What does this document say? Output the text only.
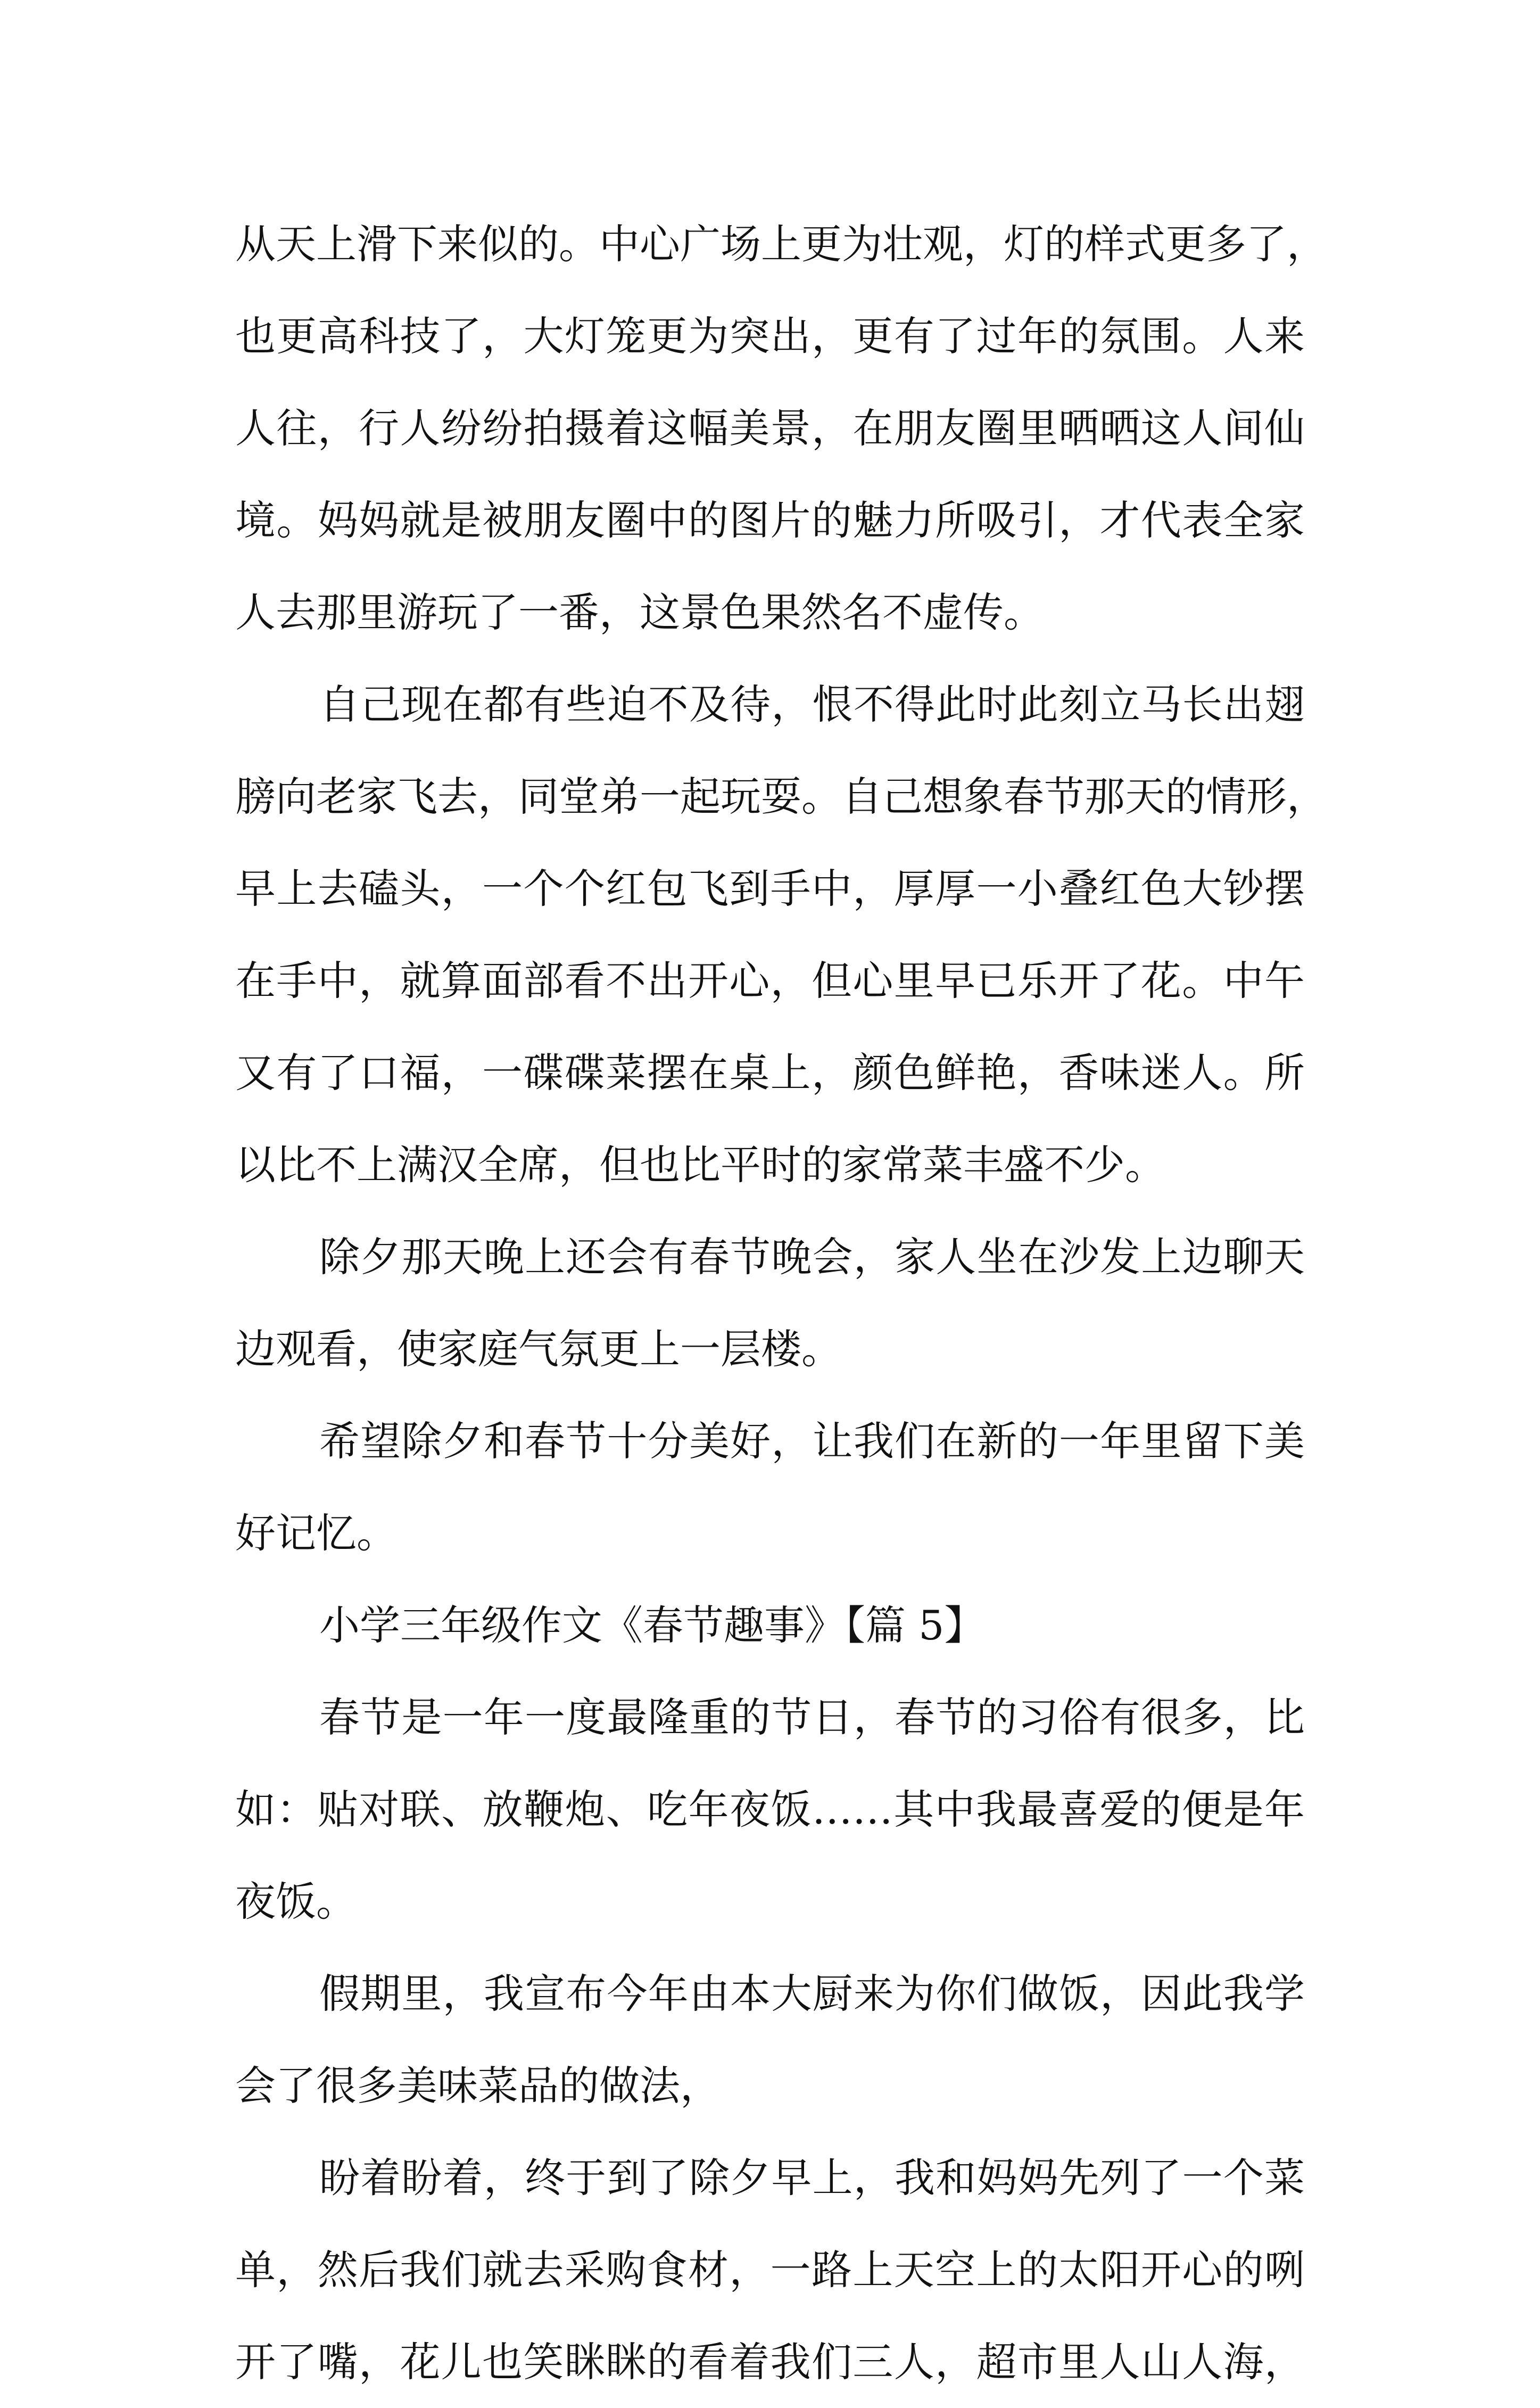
从天上滑下来似的。中心广场上更为壮观，灯的样式更多了，
也更高科技了，大灯笼更为突出，更有了过年的氛围。人来
人往，行人纷纷拍摄着这幅美景，在朋友圈里晒晒这人间仙
境。妈妈就是被朋友圈中的图片的魅力所吸引，才代表全家
人去那里游玩了一番，这景色果然名不虚传。
自己现在都有些迫不及待，恨不得此时此刻立马长出翅
膀向老家飞去，同堂弟一起玩耍。自己想象春节那天的情形，
早上去磕头，一个个红包飞到手中，厚厚一小叠红色大钞摆
在手中，就算面部看不出开心，但心里早已乐开了花。中午
又有了口福，一碟碟菜摆在桌上，颜色鲜艳，香味迷人。所
以比不上满汉全席，但也比平时的家常菜丰盛不少。
除夕那天晚上还会有春节晚会，家人坐在沙发上边聊天
边观看，使家庭气氛更上一层楼。
希望除夕和春节十分美好，让我们在新的一年里留下美
好记忆。
小学三年级作文《春节趣事》【篇 5】
春节是一年一度最隆重的节日，春节的习俗有很多，比
如：贴对联、放鞭炮、吃年夜饭……其中我最喜爱的便是年
夜饭。
假期里，我宣布今年由本大厨来为你们做饭，因此我学
会了很多美味菜品的做法，
盼着盼着，终于到了除夕早上，我和妈妈先列了一个菜
单，然后我们就去采购食材，一路上天空上的太阳开心的咧
开了嘴，花儿也笑眯眯的看着我们三人，超市里人山人海，
